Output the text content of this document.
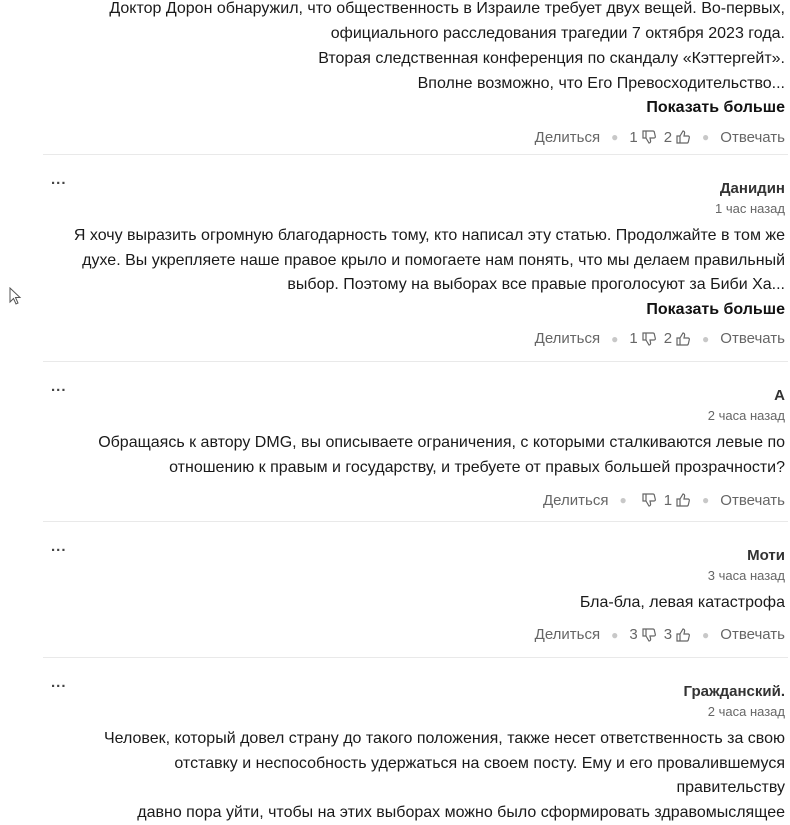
Доктор Дорон обнаружил, что общественность в Израиле требует двух вещей. Во-первых,

официального расследования трагедии 7 октября 2023 года.

Вторая следственная конференция по скандалу «Кэттергейт».

Вполне возможно, что Его Превосходительство...

Показать больше
Делиться ● 1 2	● Отвечать
...
Данидин
1 час назад

Я хочу выразить огромную благодарность тому, кто написал эту статью. Продолжайте в том же

духе. Вы укрепляете наше правое крыло и помогаете нам понять, что мы делаем правильный

выбор. Поэтому на выборах все правые проголосуют за Биби Ха...

Показать больше
Делиться ● 1 2	● Отвечать
...
А
2 часа назад

Обращаясь к автору DMG, вы описываете ограничения, с которыми сталкиваются левые по

отношению к правым и государству, и требуете от правых большей прозрачности?

Делиться ● 1	● Отвечать
...
Моти
3 часа назад

Бла-бла, левая катастрофа

Делиться ● 3 3	● Отвечать
...
Гражданский.
2 часа назад

Человек, который довел страну до такого положения, также несет ответственность за свою

отставку и неспособность удержаться на своем посту. Ему и его провалившемуся правительству

давно пора уйти, чтобы на этих выборах можно было сформировать здравомыслящее
